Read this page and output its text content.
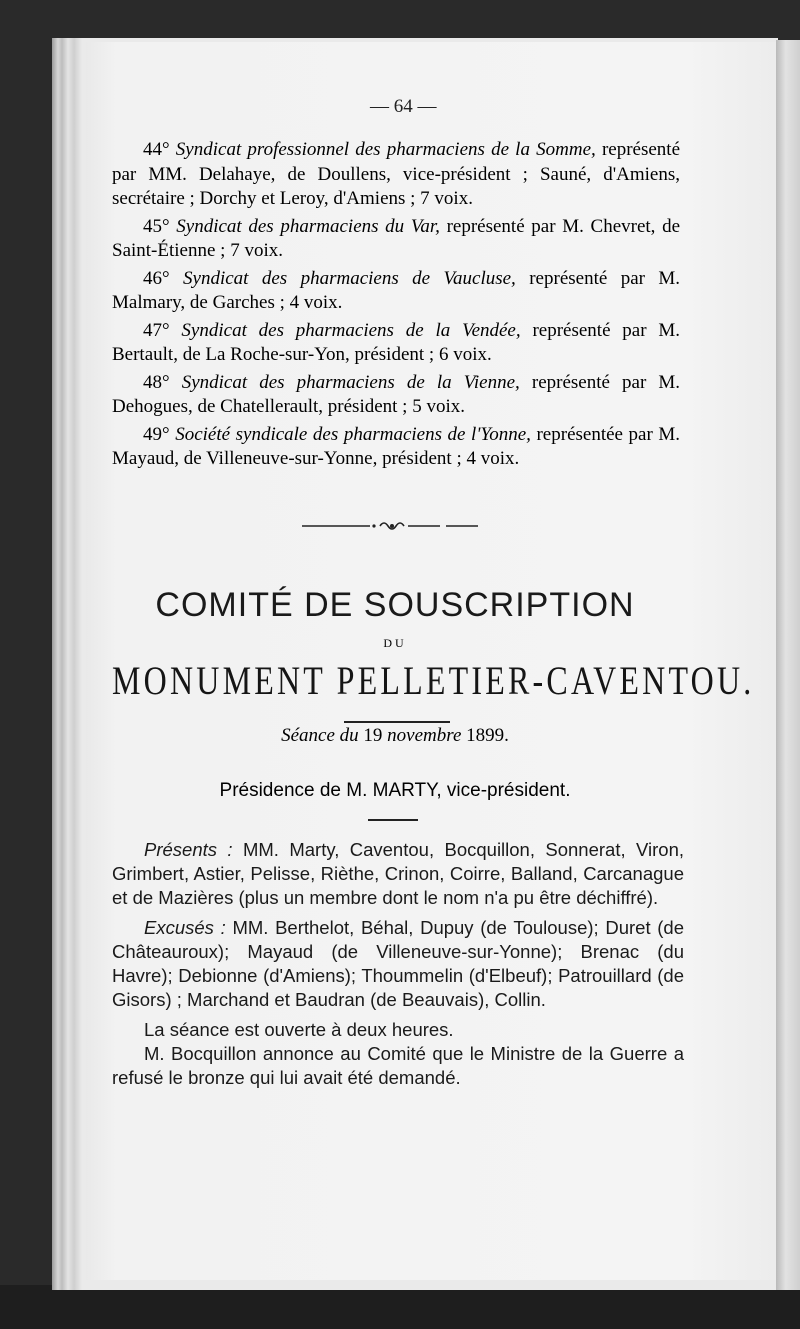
— 64 —

44° Syndicat professionnel des pharmaciens de la Somme, représenté par MM. Delahaye, de Doullens, vice-président ; Sauné, d'Amiens, secrétaire ; Dorchy et Leroy, d'Amiens ; 7 voix.

45° Syndicat des pharmaciens du Var, représenté par M. Chevret, de Saint-Étienne ; 7 voix.

46° Syndicat des pharmaciens de Vaucluse, représenté par M. Malmary, de Garches ; 4 voix.

47° Syndicat des pharmaciens de la Vendée, représenté par M. Bertault, de La Roche-sur-Yon, président ; 6 voix.

48° Syndicat des pharmaciens de la Vienne, représenté par M. Dehogues, de Chatellerault, président ; 5 voix.

49° Société syndicale des pharmaciens de l'Yonne, représentée par M. Mayaud, de Villeneuve-sur-Yonne, président ; 4 voix.

COMITÉ DE SOUSCRIPTION
DU
MONUMENT PELLETIER-CAVENTOU.
Séance du 19 novembre 1899.
Présidence de M. MARTY, vice-président.

Présents : MM. Marty, Caventou, Bocquillon, Sonnerat, Viron, Grimbert, Astier, Pelisse, Rièthe, Crinon, Coirre, Balland, Carcanague et de Mazières (plus un membre dont le nom n'a pu être déchiffré).

Excusés : MM. Berthelot, Béhal, Dupuy (de Toulouse); Duret (de Châteauroux); Mayaud (de Villeneuve-sur-Yonne); Brenac (du Havre); Debionne (d'Amiens); Thoummelin (d'Elbeuf); Patrouillard (de Gisors) ; Marchand et Baudran (de Beauvais), Collin.

La séance est ouverte à deux heures.

M. Bocquillon annonce au Comité que le Ministre de la Guerre a refusé le bronze qui lui avait été demandé.
